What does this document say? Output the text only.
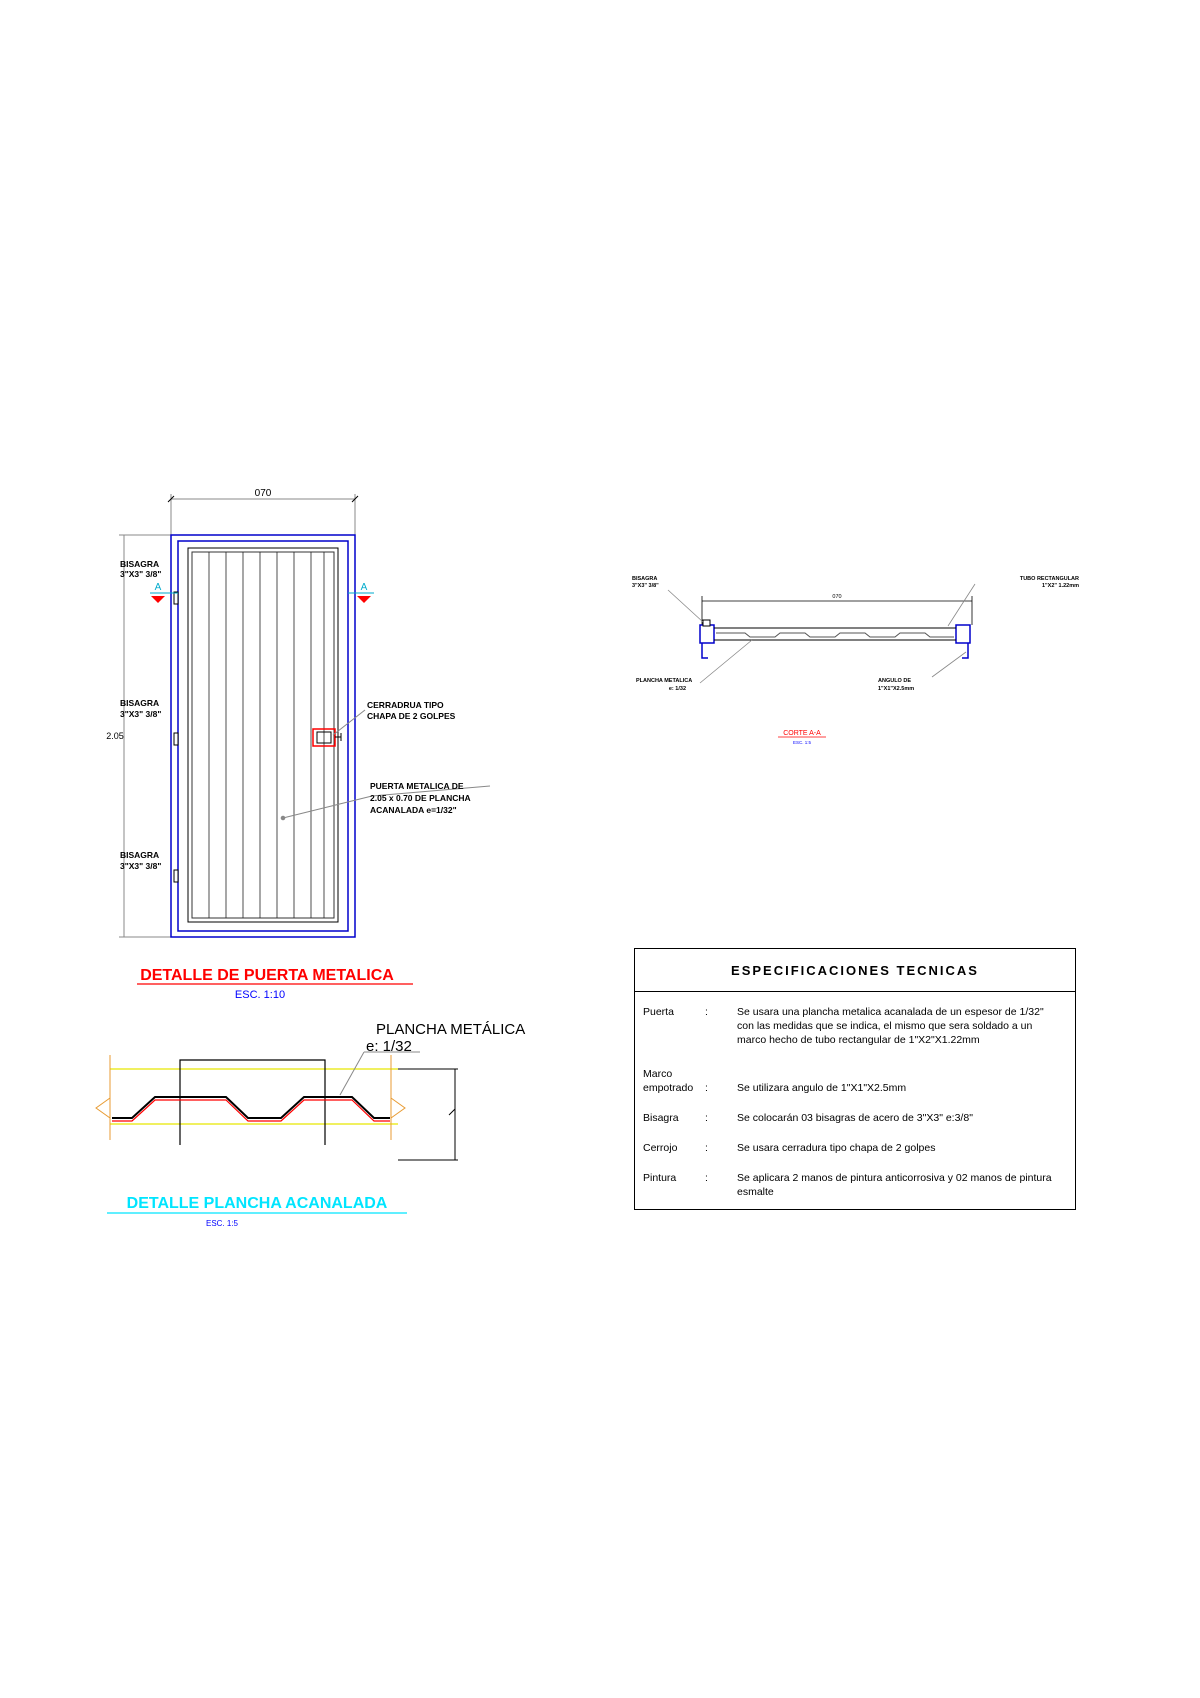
070
2.05
BISAGRA
3"X3" 3/8"
BISAGRA
3"X3" 3/8"
BISAGRA
3"X3" 3/8"
A	A
CERRADRUA TIPO
CHAPA DE 2 GOLPES
PUERTA METALICA DE
2.05 x 0.70 DE PLANCHA
ACANALADA e=1/32"
DETALLE DE PUERTA METALICA
ESC. 1:10
070
BISAGRA
3"X3" 3/8"
TUBO RECTANGULAR
1"X2" 1.22mm
PLANCHA METALICA
e: 1/32
ANGULO DE
1"X1"X2.5mm
CORTE A-A
ESC. 1:5
PLANCHA METÁLICA
e: 1/32
DETALLE PLANCHA ACANALADA
ESC. 1:5
ESPECIFICACIONES TECNICAS
Puerta	:	Se usara una plancha metalica acanalada de un espesor de 1/32" con las medidas que se indica, el mismo que sera soldado a un marco hecho de tubo rectangular de 1"X2"X1.22mm
Marco empotrado	:	Se utilizara angulo de 1"X1"X2.5mm
Bisagra	:	Se colocarán 03 bisagras de acero de 3"X3" e:3/8"
Cerrojo	:	Se usara cerradura tipo chapa de 2 golpes
Pintura	:	Se aplicara 2 manos de pintura anticorrosiva y 02 manos de pintura esmalte
